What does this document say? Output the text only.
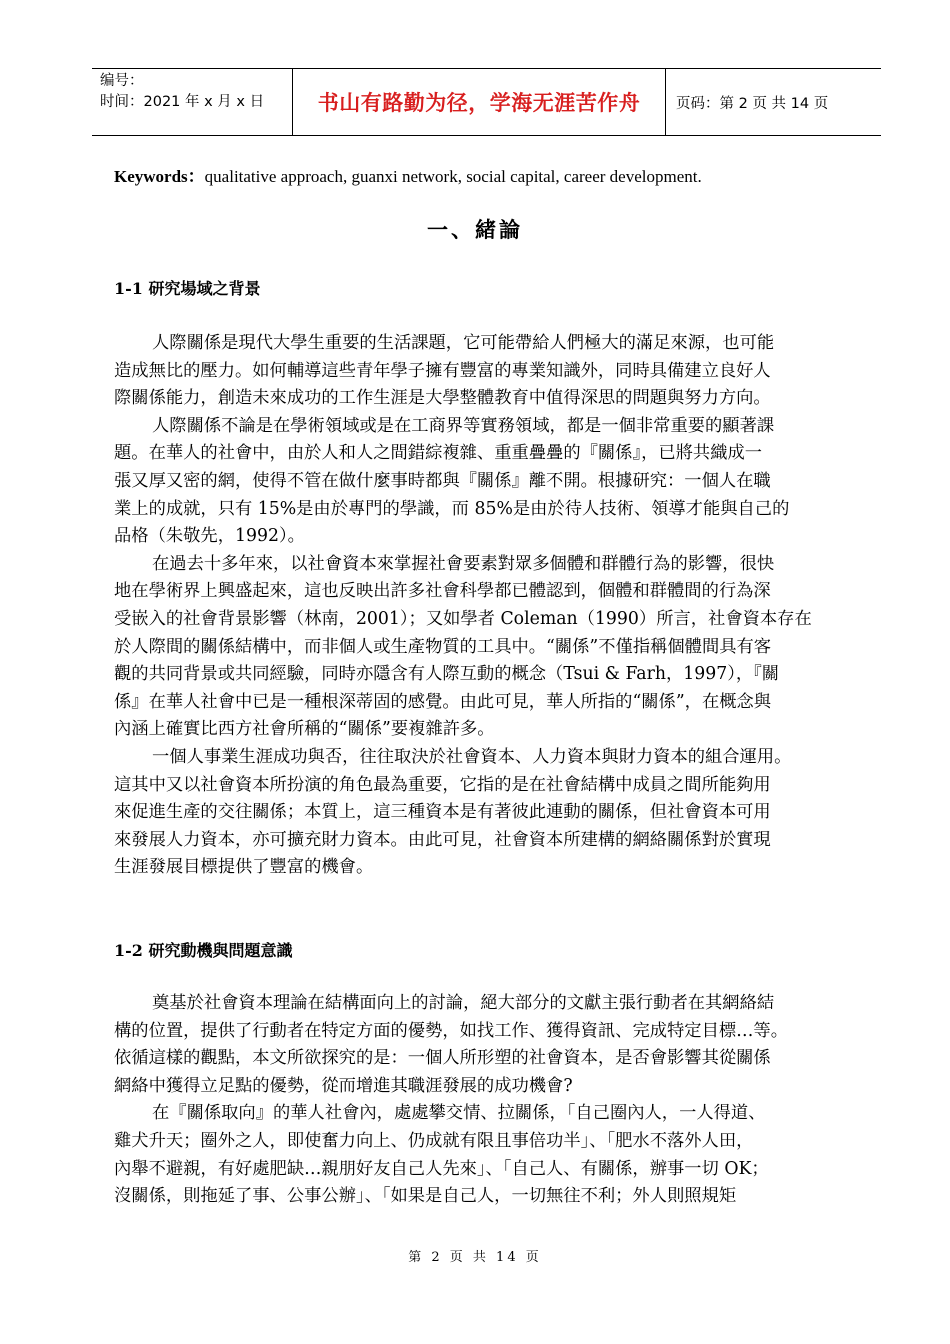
编号：
时间：2021 年 x 月 x 日	书山有路勤为径，学海无涯苦作舟	页码：第 2 页 共 14 页
Keywords：qualitative approach, guanxi network, social capital, career development.
一、緒論
1-1 研究場域之背景
人際關係是現代大學生重要的生活課題，它可能帶給人們極大的滿足來源，也可能
造成無比的壓力。如何輔導這些青年學子擁有豐富的專業知識外，同時具備建立良好人
際關係能力，創造未來成功的工作生涯是大學整體教育中值得深思的問題與努力方向。
人際關係不論是在學術領域或是在工商界等實務領域，都是一個非常重要的顯著課
題。在華人的社會中，由於人和人之間錯綜複雜、重重疊疊的『關係』，已將共織成一
張又厚又密的網，使得不管在做什麼事時都與『關係』離不開。根據研究：一個人在職
業上的成就，只有 15%是由於專門的學識，而 85%是由於待人技術、領導才能與自己的
品格（朱敬先，1992）。
在過去十多年來，以社會資本來掌握社會要素對眾多個體和群體行為的影響，很快
地在學術界上興盛起來，這也反映出許多社會科學都已體認到，個體和群體間的行為深
受嵌入的社會背景影響（林南，2001）；又如學者 Coleman（1990）所言，社會資本存在
於人際間的關係結構中，而非個人或生產物質的工具中。“關係”不僅指稱個體間具有客
觀的共同背景或共同經驗，同時亦隱含有人際互動的概念（Tsui & Farh，1997），『關
係』在華人社會中已是一種根深蒂固的感覺。由此可見，華人所指的“關係”，在概念與
內涵上確實比西方社會所稱的“關係”要複雜許多。
一個人事業生涯成功與否，往往取決於社會資本、人力資本與財力資本的組合運用。
這其中又以社會資本所扮演的角色最為重要，它指的是在社會結構中成員之間所能夠用
來促進生產的交往關係；本質上，這三種資本是有著彼此連動的關係，但社會資本可用
來發展人力資本，亦可擴充財力資本。由此可見，社會資本所建構的網絡關係對於實現
生涯發展目標提供了豐富的機會。
1-2 研究動機與問題意識
奠基於社會資本理論在結構面向上的討論，絕大部分的文獻主張行動者在其網絡結
構的位置，提供了行動者在特定方面的優勢，如找工作、獲得資訊、完成特定目標…等。
依循這樣的觀點，本文所欲探究的是：一個人所形塑的社會資本，是否會影響其從關係
網絡中獲得立足點的優勢，從而增進其職涯發展的成功機會?
在『關係取向』的華人社會內，處處攀交情、拉關係，「自己圈內人，一人得道、
雞犬升天；圈外之人，即使奮力向上、仍成就有限且事倍功半」、「肥水不落外人田，
內舉不避親，有好處肥缺…親朋好友自己人先來」、「自己人、有關係，辦事一切 OK；
沒關係，則拖延了事、公事公辦」、「如果是自己人，一切無往不利；外人則照規矩
第 2 页 共 14 页
